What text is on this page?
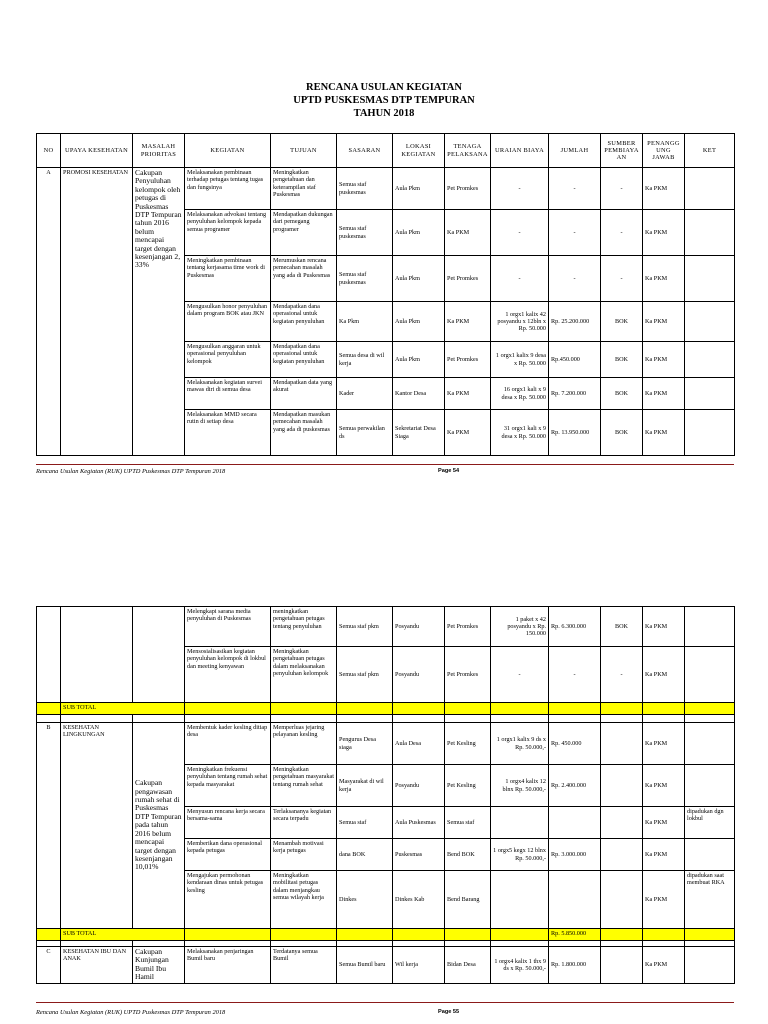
RENCANA USULAN KEGIATAN
UPTD PUSKESMAS DTP TEMPURAN
TAHUN 2018
NO	UPAYA KESEHATAN	MASALAH PRIORITAS	KEGIATAN	TUJUAN	SASARAN	LOKASI KEGIATAN	TENAGA PELAKSANA	URAIAN BIAYA	JUMLAH	SUMBER PEMBIAYAAN	PENANGGUNG JAWAB	KET
A	PROMOSI KESEHATAN	Cakupan Penyuluhan kelompok oleh petugas di Puskesmas DTP Tempuran tahun 2016 belum mencapai target dengan kesenjangan 2, 33%	Melaksanakan pembinaan terhadap petugas tentang tugas dan fungsinya	Meningkatkan pengetahuan dan keterampilan staf Puskesmas	Semua staf puskesmas	Aula Pkm	Pet Promkes	-	-	-	Ka PKM	
			Melaksanakan advokasi tentang penyuluhan kelompok kepada semua programer	Mendapatkan dukungan dari pemegang programer	Semua staf puskesmas	Aula Pkm	Ka PKM	-	-	-	Ka PKM	
			Meningkatkan pembinaan tentang kerjasama time work di Puskesmas	Merumuskan rencana pemecahan masalah yang ada di Puskesmas	Semua staf puskesmas	Aula Pkm	Pet Promkes	-	-	-	Ka PKM	
			Mengusulkan honor penyuluhan dalam program BOK atau JKN	Mendapatkan dana operasional untuk kegiatan penyuluhan	Ka Pkm	Aula Pkm	Ka PKM	1 orgx1 kalix 42 posyandu x 12bln x Rp. 50.000	Rp. 25.200.000	BOK	Ka PKM	
			Mengusulkan anggaran untuk operasional penyuluhan kelompok	Mendapatkan dana operasional untuk kegiatan penyuluhan	Semua desa di wil kerja	Aula Pkm	Pet Promkes	1 orgx1 kalix 9 desa x Rp. 50.000	Rp.450.000	BOK	Ka PKM	
			Melaksanakan kegiatan survei mawas diri di semua desa	Mendapatkan data yang akurat	Kader	Kantor Desa	Ka PKM	16 orgx1 kali x 9 desa x Rp. 50.000	Rp. 7.200.000	BOK	Ka PKM	
			Melaksanakan MMD secara rutin di setiap desa	Mendapatkan masukan pemecahan masalah yang ada di puskesmas	Semua perwakilan ds	Sekretariat Desa Siaga	Ka PKM	31 orgx1 kali x 9 desa x Rp. 50.000	Rp. 13.950.000	BOK	Ka PKM	
Rencana Usulan Kegiatan (RUK) UPTD Puskesmas DTP Tempuran 2018	Page 54
			Melengkapi sarana media penyuluhan di Puskesmas	meningkatkan pengetahuan petugas tentang penyuluhan	Semua staf pkm	Posyandu	Pet Promkes	1 paket x 42 posyandu x Rp. 150.000	Rp. 6.300.000	BOK	Ka PKM	
			Mensosialisasikan kegiatan penyuluhan kelompok di lokbul dan meeting kenyawan	Meningkatkan pengetahuan petugas dalam melaksanakan penyuluhan kelompok	Semua staf pkm	Posyandu	Pet Promkes	-	-	-	Ka PKM	
	SUB TOTAL											

B	KESEHATAN LINGKUNGAN	Cakupan pengawasan rumah sehat di Puskesmas DTP Tempuran pada tahun 2016 belum mencapai target dengan kesenjangan 10,01%	Membentuk kader kesling ditiap desa	Memperluas jejaring pelayanan kesling	Pengurus Desa siaga	Aula Desa	Pet Kesling	1 orgx1 kalix 9 ds x Rp. 50.000,-	Rp. 450.000		Ka PKM	
			Meningkatkan frekuensi penyuluhan tentang rumah sehat kepada masyarakat	Meningkatkan pengetahuan masyarakat tentang rumah sehat	Masyarakat di wil kerja	Posyandu	Pet Kesling	1 orgx4 kalix 12 blnx Rp. 50.000,-	Rp. 2.400.000		Ka PKM	
			Menyusun rencana kerja secara bersama-sama	Terlaksananya kegiatan secara terpadu	Semua staf	Aula Puskesmas	Semua staf				Ka PKM	dipadukan dgn lokbul
			Memberikan dana operasional kepada petugas	Menambah motivasi kerja petugas	dana BOK	Puskesmas	Bend BOK	1 orgx5 kegx 12 blnx Rp. 50.000,-	Rp. 3.000.000		Ka PKM	
			Mengajukan permohonan kendaraan dinas untuk petugas kesling	Meningkatkan mobilitasi petugas dalam menjangkau semua wilayah kerja	Dinkes	Dinkes Kab	Bend Barang				Ka PKM	dipadukan saat membuat RKA
	SUB TOTAL								Rp. 5.850.000			

C	KESEHATAN IBU DAN ANAK	Cakupan Kunjungan Bumil Ibu Hamil	Melaksanakan penjaringan Bumil baru	Terdatanya semua Bumil	Semua Bumil baru	Wil kerja	Bidan Desa	1 orgx4 kalix 1 thx 9 ds x Rp. 50.000,-	Rp. 1.800.000		Ka PKM	
Rencana Usulan Kegiatan (RUK) UPTD Puskesmas DTP Tempuran 2018	Page 55
